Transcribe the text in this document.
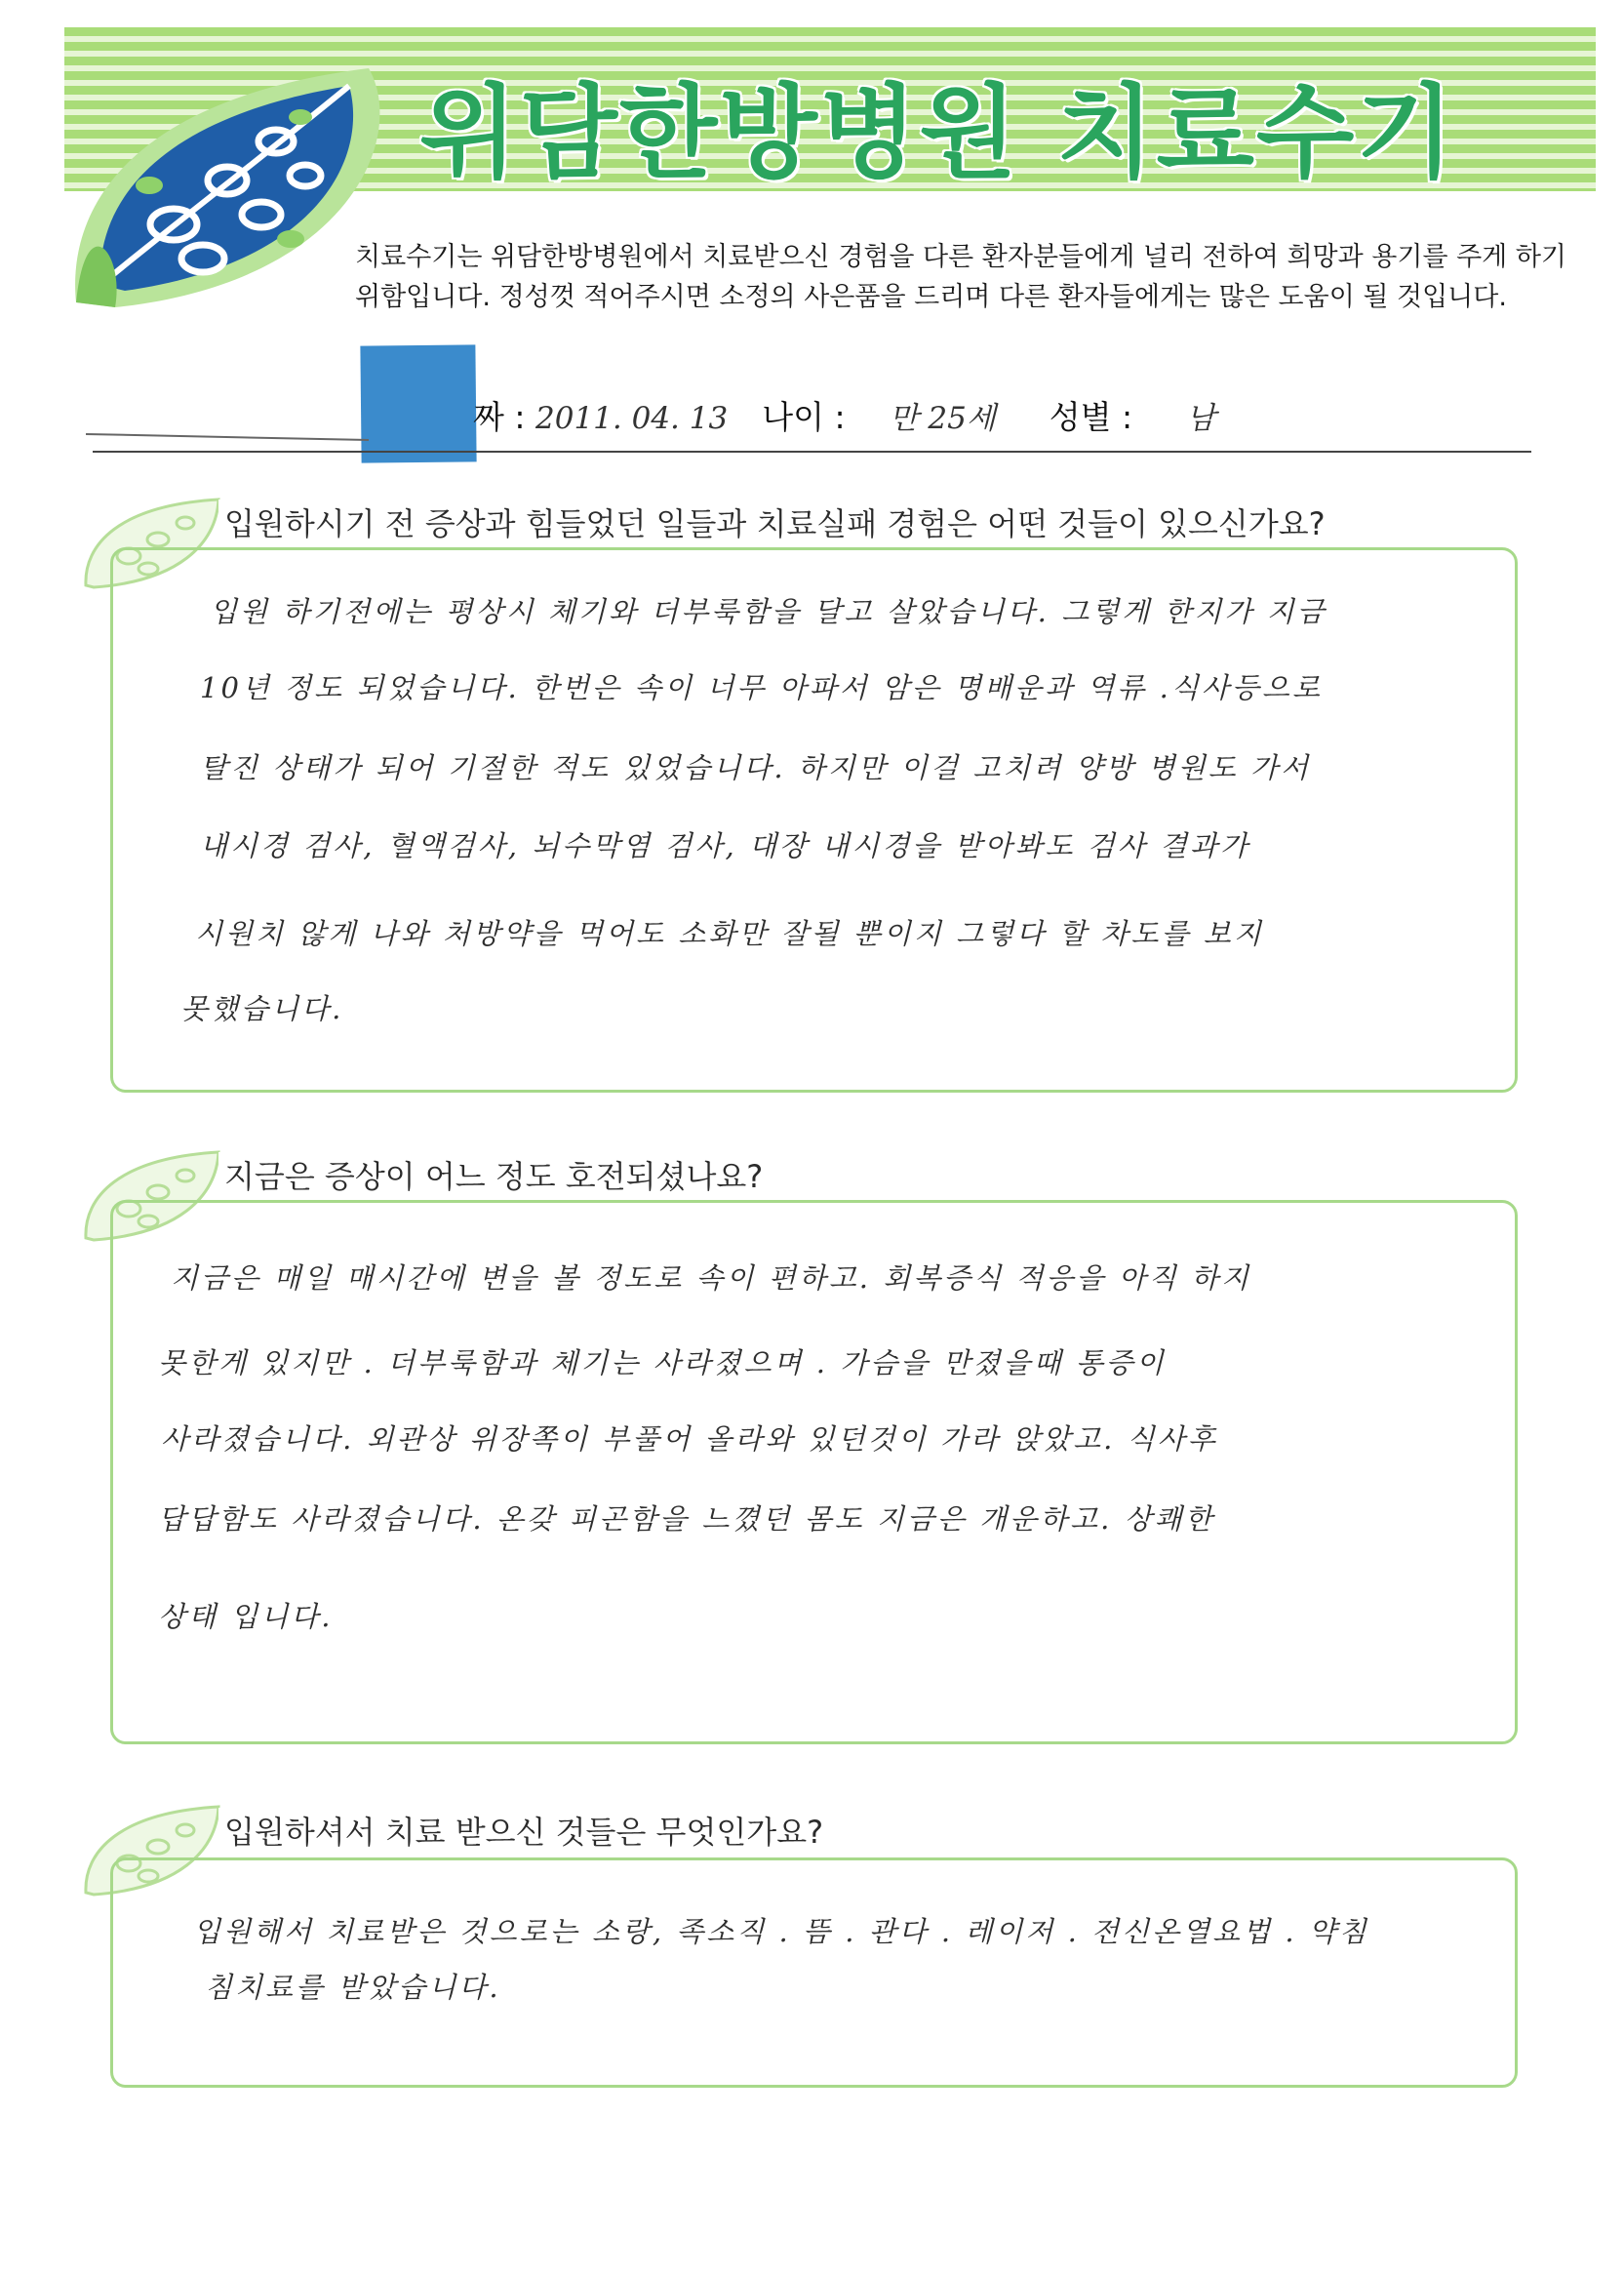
위담한방병원 치료수기

치료수기는 위담한방병원에서 치료받으신 경험을 다른 환자분들에게 널리 전하여 희망과 용기를 주게 하기

위함입니다. 정성껏 적어주시면 소정의 사은품을 드리며 다른 환자들에게는 많은 도움이 될 것입니다.

짜 : 2011. 04. 13 나이 : 만 25세 성별 : 남
입원하시기 전 증상과 힘들었던 일들과 치료실패 경험은 어떤 것들이 있으신가요?
입원 하기전에는 평상시 체기와 더부룩함을 달고 살았습니다. 그렇게 한지가 지금
10년 정도 되었습니다. 한번은 속이 너무 아파서 암은 명배운과 역류 .식사등으로
탈진 상태가 되어 기절한 적도 있었습니다. 하지만 이걸 고치려 양방 병원도 가서
내시경 검사, 혈액검사, 뇌수막염 검사, 대장 내시경을 받아봐도 검사 결과가
시원치 않게 나와 처방약을 먹어도 소화만 잘될 뿐이지 그렇다 할 차도를 보지
못했습니다.
지금은 증상이 어느 정도 호전되셨나요?
지금은 매일 매시간에 변을 볼 정도로 속이 편하고. 회복증식 적응을 아직 하지
못한게 있지만 . 더부룩함과 체기는 사라졌으며 . 가슴을 만졌을때 통증이
사라졌습니다. 외관상 위장쪽이 부풀어 올라와 있던것이 가라 앉았고. 식사후
답답함도 사라졌습니다. 온갖 피곤함을 느꼈던 몸도 지금은 개운하고. 상쾌한
상태 입니다.
입원하셔서 치료 받으신 것들은 무엇인가요?
입원해서 치료받은 것으로는 소랑, 족소직 . 뜸 . 관다 . 레이저 . 전신온열요법 . 약침
침치료를 받았습니다.
